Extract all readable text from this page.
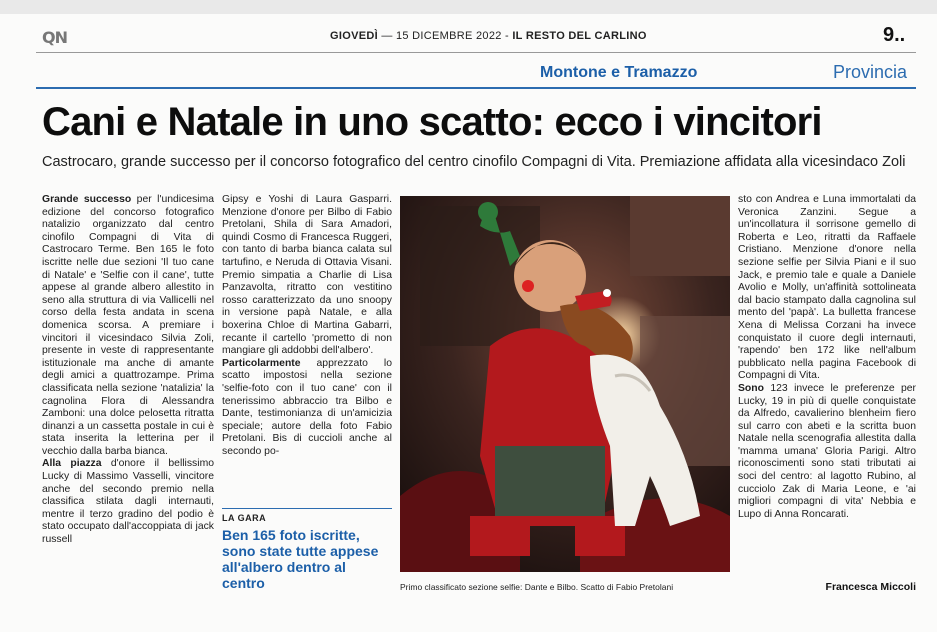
QN	GIOVEDÌ — 15 DICEMBRE 2022 - IL RESTO DEL CARLINO	9..
Montone e Tramazzo	Provincia
Cani e Natale in uno scatto: ecco i vincitori
Castrocaro, grande successo per il concorso fotografico del centro cinofilo Compagni di Vita. Premiazione affidata alla vicesindaco Zoli

Grande successo per l'undicesima edizione del concorso fotografico natalizio organizzato dal centro cinofilo Compagni di Vita di Castrocaro Terme. Ben 165 le foto iscritte nelle due sezioni 'Il tuo cane di Natale' e 'Selfie con il cane', tutte appese al grande albero allestito in seno alla struttura di via Vallicelli nel corso della festa andata in scena domenica scorsa. A premiare i vincitori il vicesindaco Silvia Zoli, presente in veste di rappresentante istituzionale ma anche di amante degli amici a quattrozampe. Prima classificata nella sezione 'natalizia' la cagnolina Flora di Alessandra Zamboni: una dolce pelosetta ritratta dinanzi a un cassetta postale in cui è stata inserita la letterina per il vecchio dalla barba bianca.

Alla piazza d'onore il bellissimo Lucky di Massimo Vasselli, vincitore anche del secondo premio nella classifica stilata dagli internauti, mentre il terzo gradino del podio è stato occupato dall'accoppiata di jack russell

Gipsy e Yoshi di Laura Gasparri. Menzione d'onore per Bilbo di Fabio Pretolani, Shila di Sara Amadori, quindi Cosmo di Francesca Ruggeri, con tanto di barba bianca calata sul tartufino, e Neruda di Ottavia Visani. Premio simpatia a Charlie di Lisa Panzavolta, ritratto con vestitino rosso caratterizzato da uno snoopy in versione papà Natale, e alla boxerina Chloe di Martina Gabarri, recante il cartello 'prometto di non mangiare gli addobbi dell'albero'.

Particolarmente apprezzato lo scatto impostosi nella sezione 'selfie-foto con il tuo cane' con il tenerissimo abbraccio tra Bilbo e Dante, testimonianza di un'amicizia speciale; autore della foto Fabio Pretolani. Bis di cuccioli anche al secondo po-

LA GARA
Ben 165 foto iscritte, sono state tutte appese all'albero dentro al centro	Primo classificato sezione selfie: Dante e Bilbo. Scatto di Fabio Pretolani

sto con Andrea e Luna immortalati da Veronica Zanzini. Segue a un'incollatura il sorrisone gemello di Roberta e Leo, ritratti da Raffaele Cristiano. Menzione d'onore nella sezione selfie per Silvia Piani e il suo Jack, e premio tale e quale a Daniele Avolio e Molly, un'affinità sottolineata dal bacio stampato dalla cagnolina sul mento del 'papà'. La bulletta francese Xena di Melissa Corzani ha invece conquistato il cuore degli internauti, 'rapendo' ben 172 like nell'album pubblicato nella pagina Facebook di Compagni di Vita.

Sono 123 invece le preferenze per Lucky, 19 in più di quelle conquistate da Alfredo, cavalierino blenheim fiero sul carro con abeti e la scritta buon Natale nella scenografia allestita dalla 'mamma umana' Gloria Parigi. Altro riconoscimenti sono stati tributati ai soci del centro: al lagotto Rubino, al cucciolo Zak di Maria Leone, e 'ai migliori compagni di vita' Nebbia e Lupo di Anna Roncarati.

Francesca Miccoli
